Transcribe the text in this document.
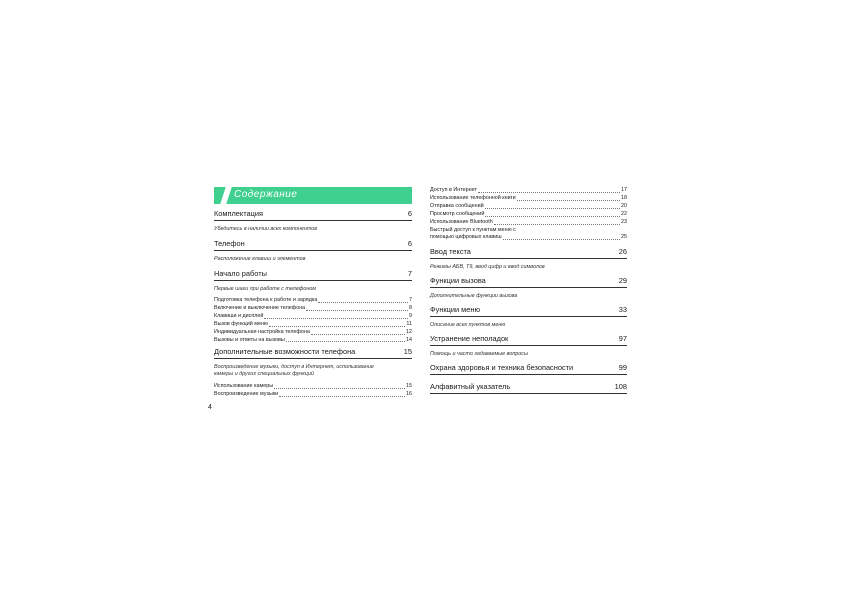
Содержание
Комплектация	6
Убедитесь в наличии всех компонентов
Телефон	6
Расположение клавиш и элементов
Начало работы	7
Первые шаги при работе с телефоном
Подготовка телефона к работе и зарядка	7
Включение и выключение телефона	8
Клавиши и дисплей	9
Вызов функций меню	11
Индивидуальная настройка телефона	12
Вызовы и ответы на вызовы	14
Дополнительные возможности телефона	15
Воспроизведение музыки, доступ в Интернет, использование
камеры и других специальных функций
Использование камеры	15
Воспроизведение музыки	16
Доступ в Интернет	17
Использование телефонной книги	18
Отправка сообщений	20
Просмотр сообщений	22
Использование Bluetooth	23
Быстрый доступ к пунктам меню с
помощью цифровых клавиш	25
Ввод текста	26
Режимы АБВ, T9, ввод цифр и ввод символов
Функции вызова	29
Дополнительные функции вызова
Функции меню	33
Описание всех пунктов меню
Устранение неполадок	97
Помощь и часто задаваемые вопросы
Охрана здоровья и техника безопасности	99
Алфавитный указатель	108
4
